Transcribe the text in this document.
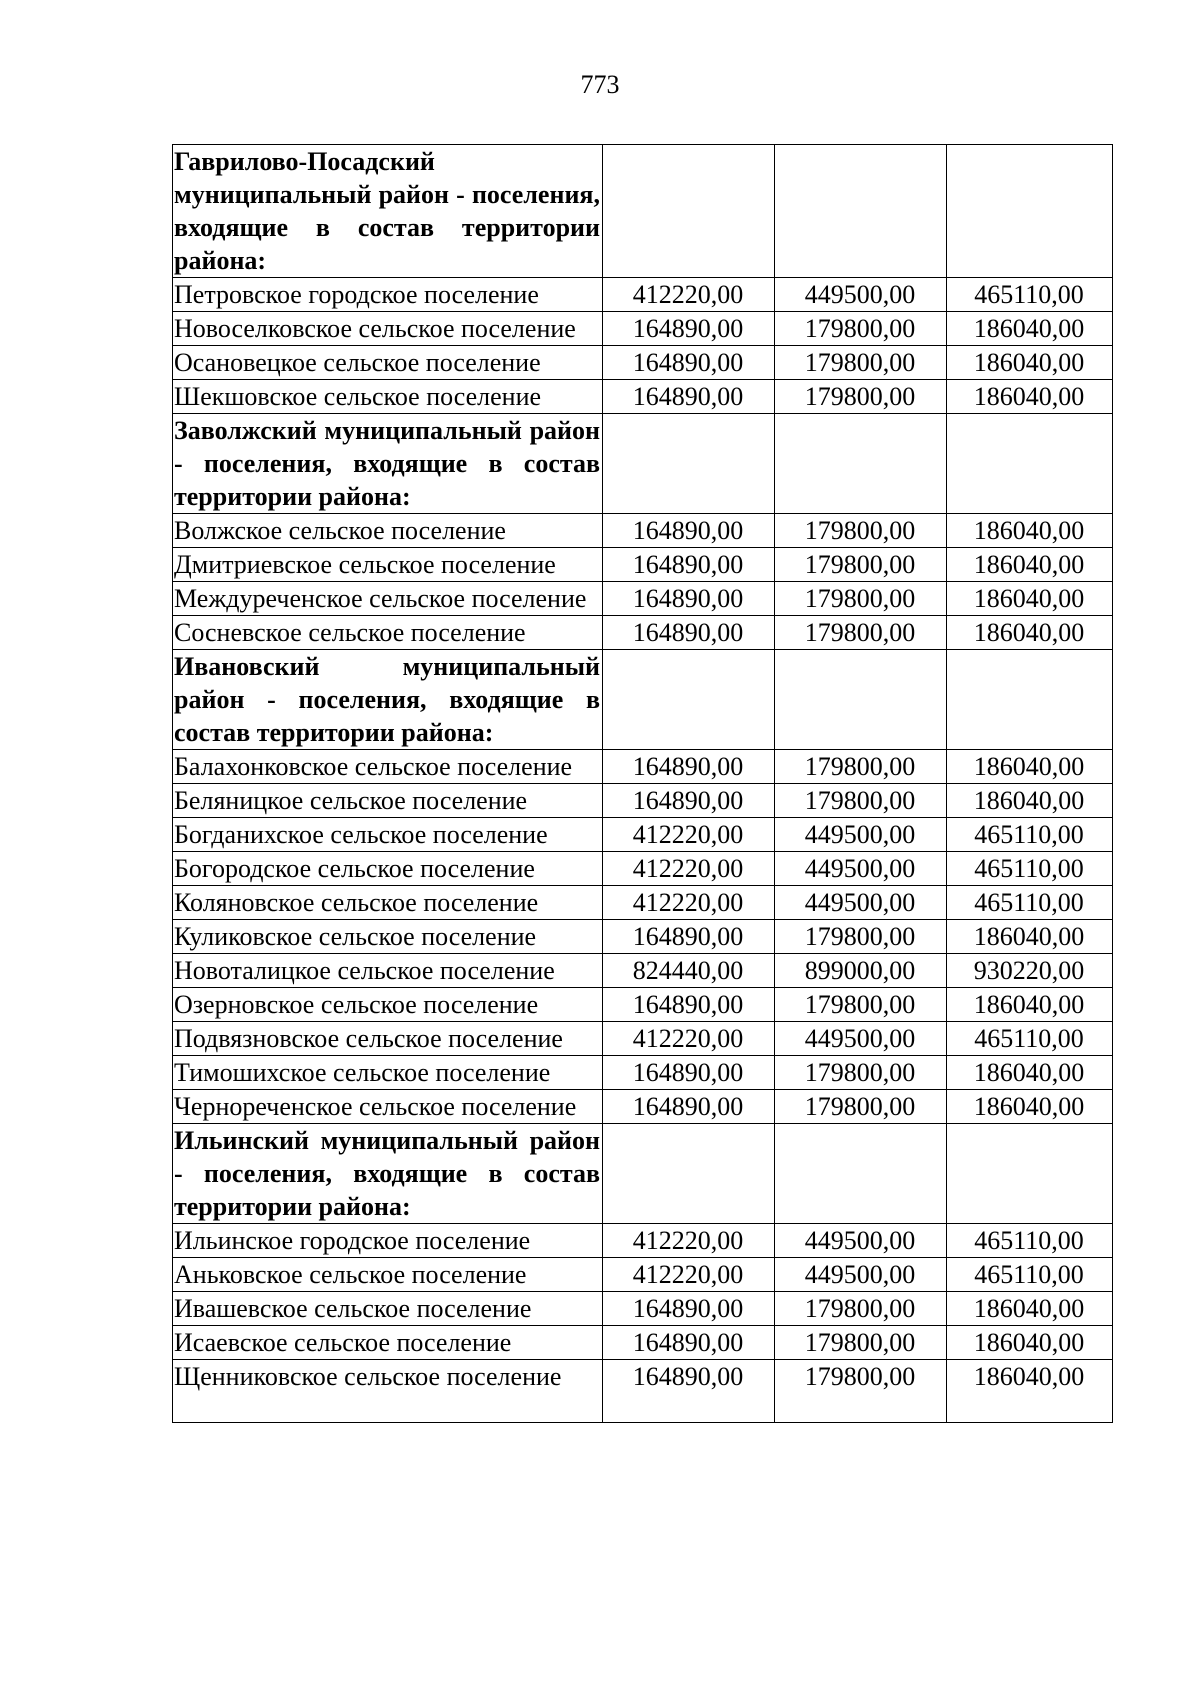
773
Гаврилово-Посадский муниципальный район - поселения, входящие в состав территории района:			
Петровское городское поселение	412220,00	449500,00	465110,00
Новоселковское сельское поселение	164890,00	179800,00	186040,00
Осановецкое сельское поселение	164890,00	179800,00	186040,00
Шекшовское сельское поселение	164890,00	179800,00	186040,00
Заволжский муниципальный район - поселения, входящие в состав территории района:			
Волжское сельское поселение	164890,00	179800,00	186040,00
Дмитриевское сельское поселение	164890,00	179800,00	186040,00
Междуреченское сельское поселение	164890,00	179800,00	186040,00
Сосневское сельское поселение	164890,00	179800,00	186040,00
Ивановский муниципальный район - поселения, входящие в состав территории района:			
Балахонковское сельское поселение	164890,00	179800,00	186040,00
Беляницкое сельское поселение	164890,00	179800,00	186040,00
Богданихское сельское поселение	412220,00	449500,00	465110,00
Богородское сельское поселение	412220,00	449500,00	465110,00
Коляновское сельское поселение	412220,00	449500,00	465110,00
Куликовское сельское поселение	164890,00	179800,00	186040,00
Новоталицкое сельское поселение	824440,00	899000,00	930220,00
Озерновское сельское поселение	164890,00	179800,00	186040,00
Подвязновское сельское поселение	412220,00	449500,00	465110,00
Тимошихское сельское поселение	164890,00	179800,00	186040,00
Чернореченское сельское поселение	164890,00	179800,00	186040,00
Ильинский муниципальный район - поселения, входящие в состав территории района:			
Ильинское городское поселение	412220,00	449500,00	465110,00
Аньковское сельское поселение	412220,00	449500,00	465110,00
Ивашевское сельское поселение	164890,00	179800,00	186040,00
Исаевское сельское поселение	164890,00	179800,00	186040,00
Щенниковское сельское поселение	164890,00	179800,00	186040,00
